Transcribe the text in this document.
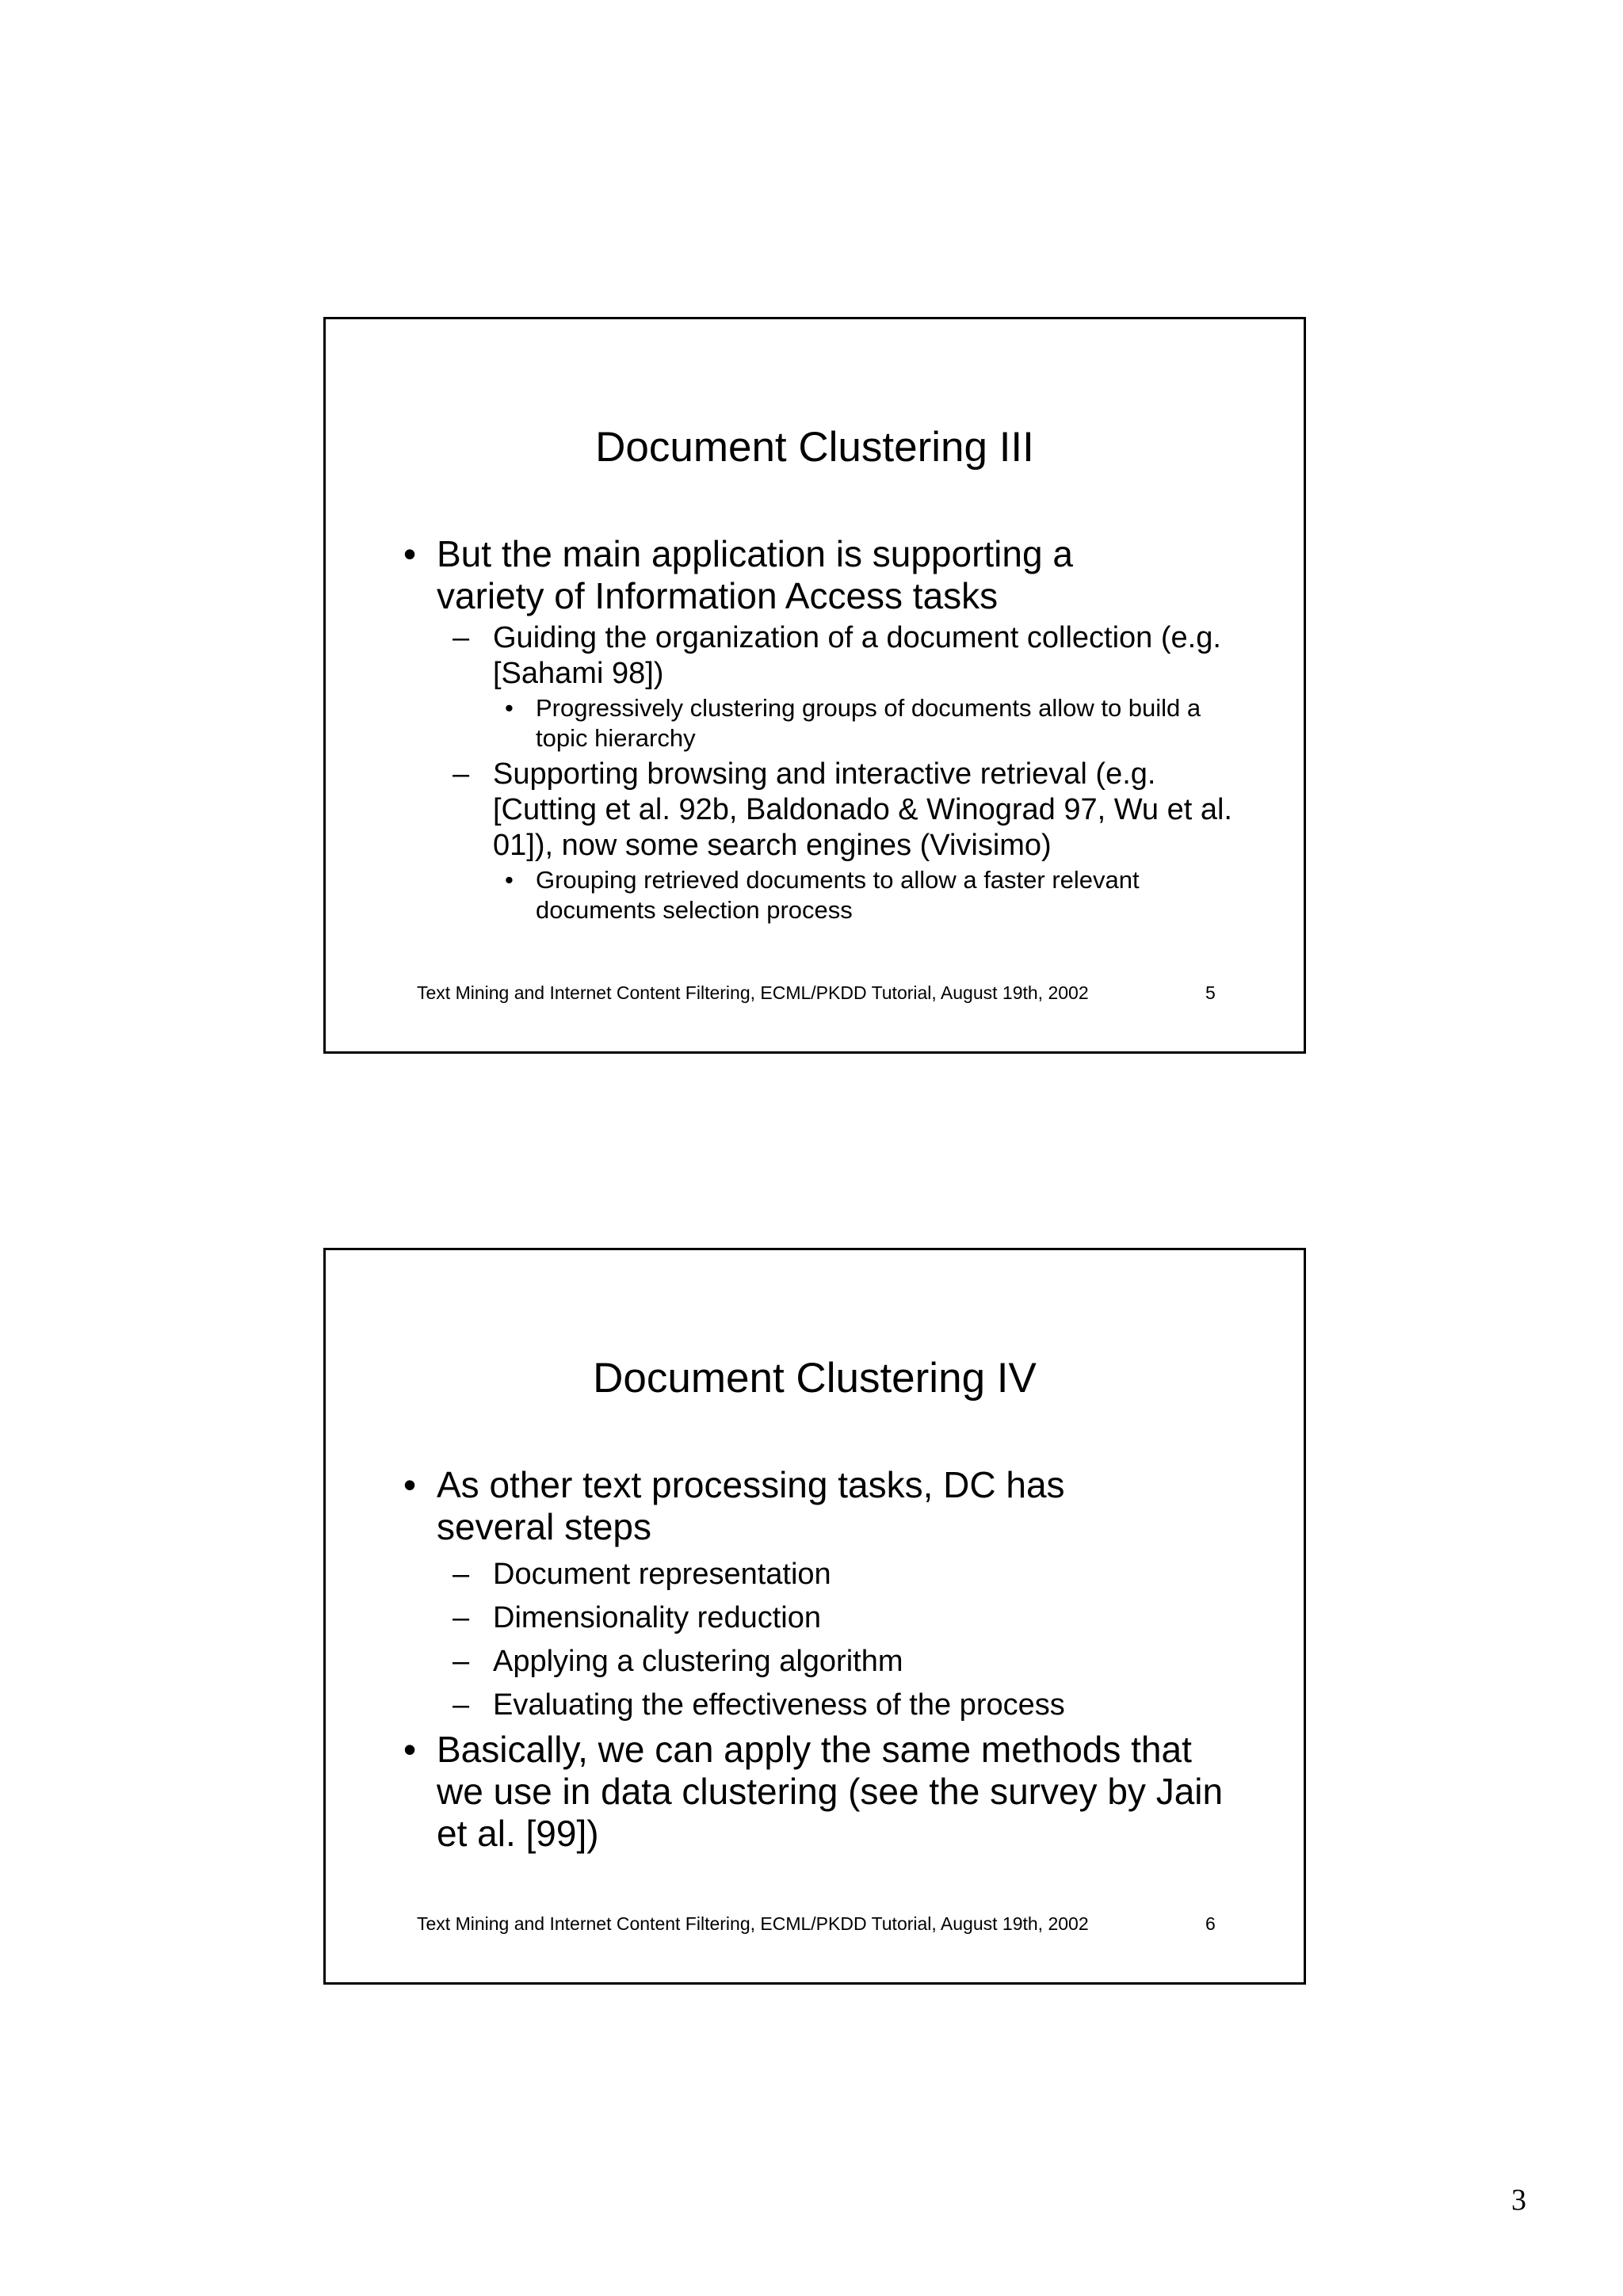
Document Clustering III
• But the main application is supporting a variety of Information Access tasks
– Guiding the organization of a document collection (e.g. [Sahami 98])
• Progressively clustering groups of documents allow to build a topic hierarchy
– Supporting browsing and interactive retrieval (e.g. [Cutting et al. 92b, Baldonado & Winograd 97, Wu et al. 01]), now some search engines (Vivisimo)
• Grouping retrieved documents to allow a faster relevant documents selection process
Text Mining and Internet Content Filtering, ECML/PKDD Tutorial, August 19th, 2002	5
Document Clustering IV
• As other text processing tasks, DC has several steps
– Document representation
– Dimensionality reduction
– Applying a clustering algorithm
– Evaluating the effectiveness of the process
• Basically, we can apply the same methods that we use in data clustering (see the survey by Jain et al. [99])
Text Mining and Internet Content Filtering, ECML/PKDD Tutorial, August 19th, 2002	6
3
